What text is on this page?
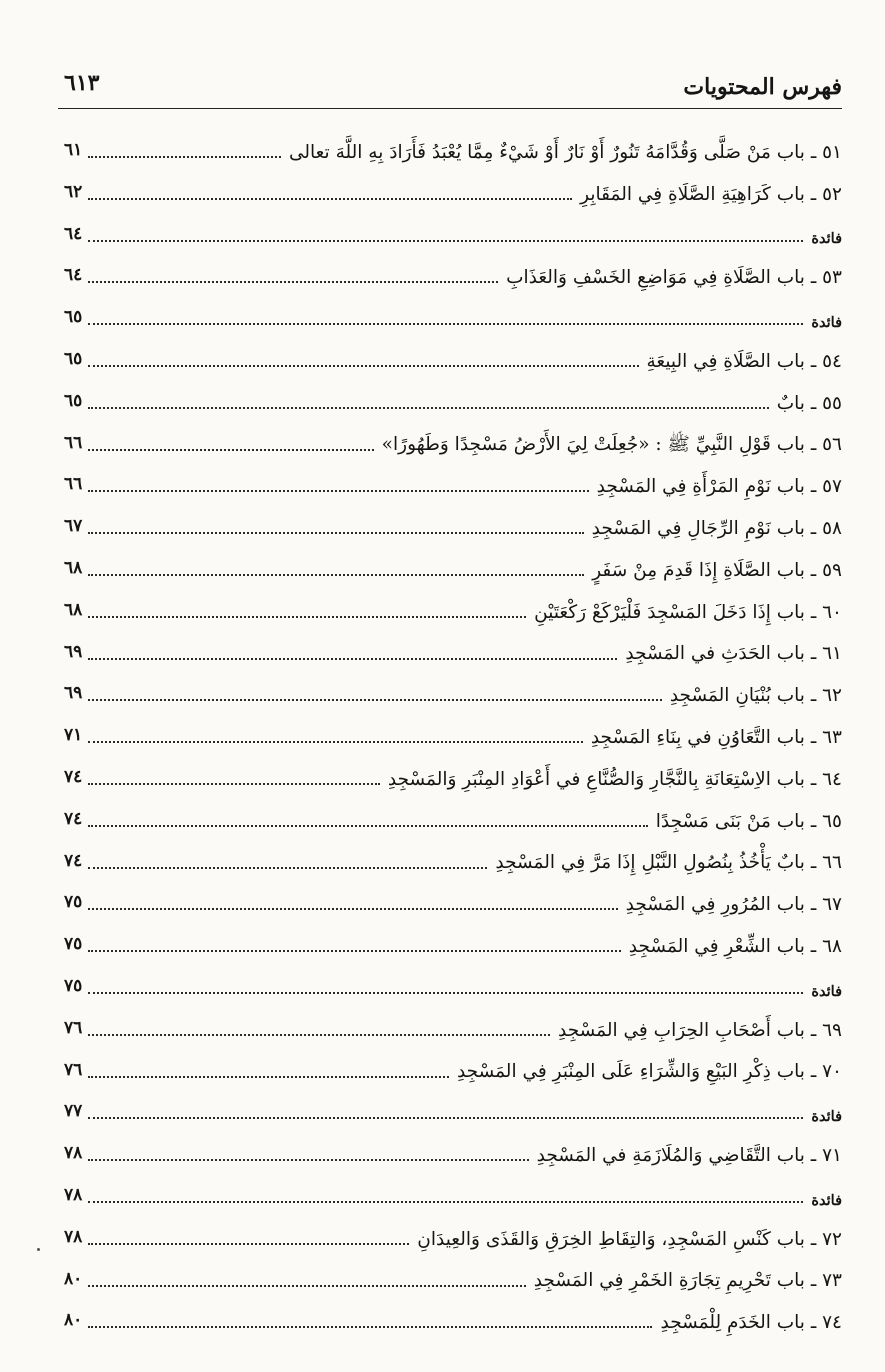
فهرس المحتويات
٦١٣
٥١ ـ باب مَنْ صَلَّى وَقُدَّامَهُ تَنُورٌ أَوْ نَارٌ أَوْ شَيْءٌ مِمَّا يُعْبَدُ فَأَرَادَ بِهِ اللَّهَ تعالى
٦١
٥٢ ـ باب كَرَاهِيَةِ الصَّلَاةِ فِي المَقَابِرِ
٦٢
فائدة
٦٤
٥٣ ـ باب الصَّلَاةِ فِي مَوَاضِعِ الخَسْفِ وَالعَذَابِ
٦٤
فائدة
٦٥
٥٤ ـ باب الصَّلَاةِ فِي البِيعَةِ
٦٥
٥٥ ـ بابٌ
٦٥
٥٦ ـ باب قَوْلِ النَّبِيِّ ﷺ : «جُعِلَتْ لِيَ الأَرْضُ مَسْجِدًا وَطَهُورًا»
٦٦
٥٧ ـ باب نَوْمِ المَرْأَةِ فِي المَسْجِدِ
٦٦
٥٨ ـ باب نَوْمِ الرِّجَالِ فِي المَسْجِدِ
٦٧
٥٩ ـ باب الصَّلَاةِ إِذَا قَدِمَ مِنْ سَفَرٍ
٦٨
٦٠ ـ باب إِذَا دَخَلَ المَسْجِدَ فَلْيَرْكَعْ رَكْعَتَيْنِ
٦٨
٦١ ـ باب الحَدَثِ في المَسْجِدِ
٦٩
٦٢ ـ باب بُنْيَانِ المَسْجِدِ
٦٩
٦٣ ـ باب التَّعَاوُنِ في بِنَاءِ المَسْجِدِ
٧١
٦٤ ـ باب الاِسْتِعَانَةِ بِالنَّجَّارِ وَالصُّنَّاعِ في أَعْوَادِ المِنْبَرِ وَالمَسْجِدِ
٧٤
٦٥ ـ باب مَنْ بَنَى مَسْجِدًا
٧٤
٦٦ ـ بابٌ يَأْخُذُ بِنُصُولِ النَّبْلِ إِذَا مَرَّ فِي المَسْجِدِ
٧٤
٦٧ ـ باب المُرُورِ فِي المَسْجِدِ
٧٥
٦٨ ـ باب الشِّعْرِ فِي المَسْجِدِ
٧٥
فائدة
٧٥
٦٩ ـ باب أَصْحَابِ الحِرَابِ فِي المَسْجِدِ
٧٦
٧٠ ـ باب ذِكْرِ البَيْعِ وَالشِّرَاءِ عَلَى المِنْبَرِ فِي المَسْجِدِ
٧٦
فائدة
٧٧
٧١ ـ باب التَّقَاضِي وَالمُلَازَمَةِ في المَسْجِدِ
٧٨
فائدة
٧٨
٧٢ ـ باب كَنْسِ المَسْجِدِ، وَالتِقَاطِ الخِرَقِ وَالقَذَى وَالعِيدَانِ
٧٨
٧٣ ـ باب تَحْرِيمِ تِجَارَةِ الخَمْرِ فِي المَسْجِدِ
٨٠
٧٤ ـ باب الخَدَمِ لِلْمَسْجِدِ
٨٠
